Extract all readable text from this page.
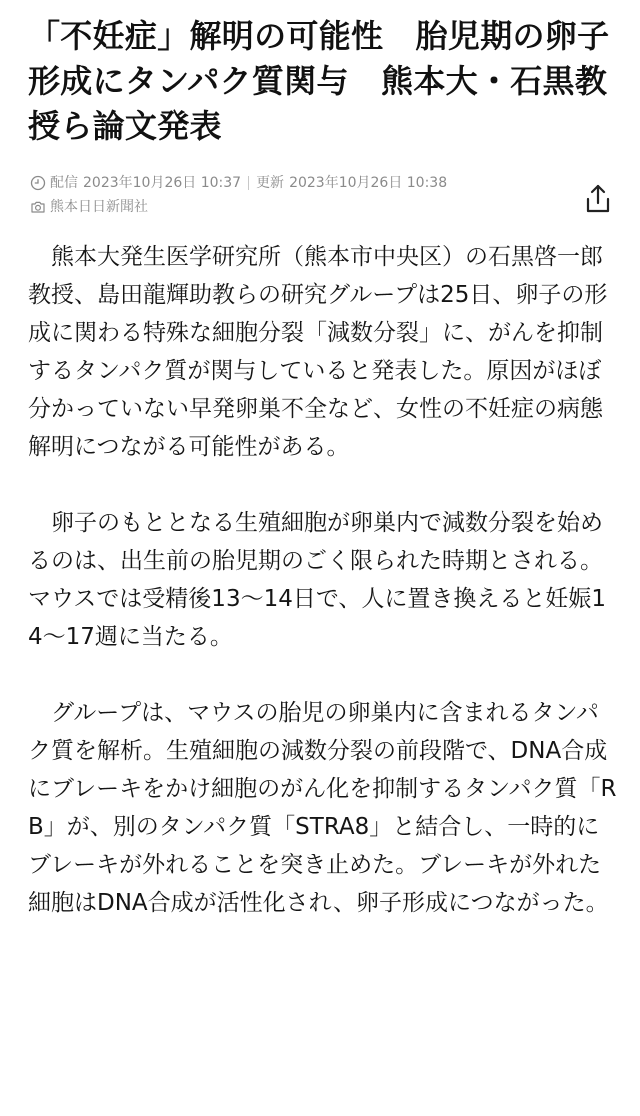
「不妊症」解明の可能性　胎児期の卵子形成にタンパク質関与　熊本大・石黒教授ら論文発表
配信 2023年10月26日 10:37 更新 2023年10月26日 10:38
熊本日日新聞社

熊本大発生医学研究所（熊本市中央区）の石黒啓一郎教授、島田龍輝助教らの研究グループは25日、卵子の形成に関わる特殊な細胞分裂「減数分裂」に、がんを抑制するタンパク質が関与していると発表した。原因がほぼ分かっていない早発卵巣不全など、女性の不妊症の病態解明につながる可能性がある。

卵子のもととなる生殖細胞が卵巣内で減数分裂を始めるのは、出生前の胎児期のごく限られた時期とされる。マウスでは受精後13〜14日で、人に置き換えると妊娠14〜17週に当たる。

グループは、マウスの胎児の卵巣内に含まれるタンパク質を解析。生殖細胞の減数分裂の前段階で、DNA合成にブレーキをかけ細胞のがん化を抑制するタンパク質「RB」が、別のタンパク質「STRA8」と結合し、一時的にブレーキが外れることを突き止めた。ブレーキが外れた細胞はDNA合成が活性化され、卵子形成につながった。
